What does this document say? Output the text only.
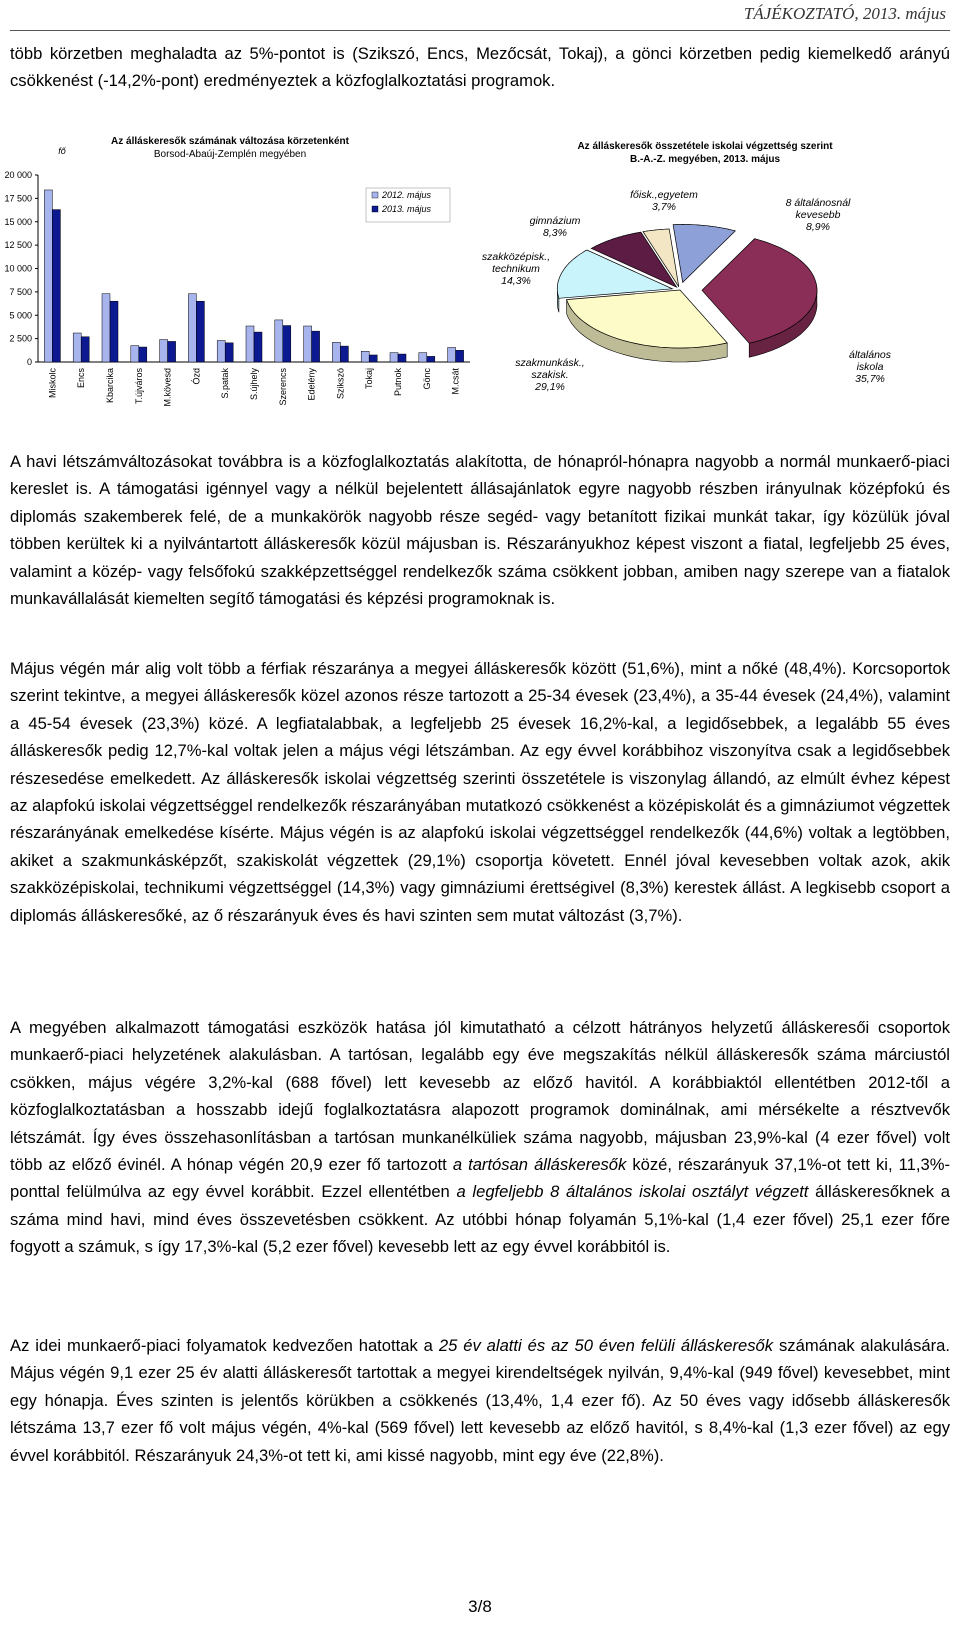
TÁJÉKOZTATÓ, 2013. május

több körzetben meghaladta az 5%-pontot is (Szikszó, Encs, Mezőcsát, Tokaj), a gönci körzetben pedig kiemelkedő arányú csökkenést (-14,2%-pont) eredményeztek a közfoglalkoztatási programok.

Az álláskeresők számának változása körzetenként
Borsod-Abaúj-Zemplén megyében
0
2 500
5 000
7 500
10 000
12 500
15 000
17 500
20 000
fő
Miskolc Encs Kbarcika T.újváros M.kövesd Ózd S.patak S.újhely Szerencs Edelény Szikszó Tokaj Putnok Gönc M.csát
2012. május
2013. május
Az álláskeresők összetétele iskolai végzettség szerint
B.-A.-Z. megyében, 2013. május
8 általánosnál
kevesebb
8,9%
általános
iskola
35,7%
szakmunkásk.,
szakisk.
29,1%
szakközépisk.,
technikum
14,3%
gimnázium
8,3%
főisk.,egyetem
3,7%

A havi létszámváltozásokat továbbra is a közfoglalkoztatás alakította, de hónapról-hónapra nagyobb a normál munkaerő-piaci kereslet is. A támogatási igénnyel vagy a nélkül bejelentett állásajánlatok egyre nagyobb részben irányulnak középfokú és diplomás szakemberek felé, de a munkakörök nagyobb része segéd- vagy betanított fizikai munkát takar, így közülük jóval többen kerültek ki a nyilvántartott álláskeresők közül májusban is. Részarányukhoz képest viszont a fiatal, legfeljebb 25 éves, valamint a közép- vagy felsőfokú szakképzettséggel rendelkezők száma csökkent jobban, amiben nagy szerepe van a fiatalok munkavállalását kiemelten segítő támogatási és képzési programoknak is.

Május végén már alig volt több a férfiak részaránya a megyei álláskeresők között (51,6%), mint a nőké (48,4%). Korcsoportok szerint tekintve, a megyei álláskeresők közel azonos része tartozott a 25-34 évesek (23,4%), a 35-44 évesek (24,4%), valamint a 45-54 évesek (23,3%) közé. A legfiatalabbak, a legfeljebb 25 évesek 16,2%-kal, a legidősebbek, a legalább 55 éves álláskeresők pedig 12,7%-kal voltak jelen a május végi létszámban. Az egy évvel korábbihoz viszonyítva csak a legidősebbek részesedése emelkedett. Az álláskeresők iskolai végzettség szerinti összetétele is viszonylag állandó, az elmúlt évhez képest az alapfokú iskolai végzettséggel rendelkezők részarányában mutatkozó csökkenést a középiskolát és a gimnáziumot végzettek részarányának emelkedése kísérte. Május végén is az alapfokú iskolai végzettséggel rendelkezők (44,6%) voltak a legtöbben, akiket a szakmunkásképzőt, szakiskolát végzettek (29,1%) csoportja követett. Ennél jóval kevesebben voltak azok, akik szakközépiskolai, technikumi végzettséggel (14,3%) vagy gimnáziumi érettségivel (8,3%) kerestek állást. A legkisebb csoport a diplomás álláskeresőké, az ő részarányuk éves és havi szinten sem mutat változást (3,7%).

A megyében alkalmazott támogatási eszközök hatása jól kimutatható a célzott hátrányos helyzetű álláskeresői csoportok munkaerő-piaci helyzetének alakulásban. A tartósan, legalább egy éve megszakítás nélkül álláskeresők száma márciustól csökken, május végére 3,2%-kal (688 fővel) lett kevesebb az előző havitól. A korábbiaktól ellentétben 2012-től a közfoglalkoztatásban a hosszabb idejű foglalkoztatásra alapozott programok dominálnak, ami mérsékelte a résztvevők létszámát. Így éves összehasonlításban a tartósan munkanélküliek száma nagyobb, májusban 23,9%-kal (4 ezer fővel) volt több az előző évinél. A hónap végén 20,9 ezer fő tartozott a tartósan álláskeresők közé, részarányuk 37,1%-ot tett ki, 11,3%-ponttal felülmúlva az egy évvel korábbit. Ezzel ellentétben a legfeljebb 8 általános iskolai osztályt végzett álláskeresőknek a száma mind havi, mind éves összevetésben csökkent. Az utóbbi hónap folyamán 5,1%-kal (1,4 ezer fővel) 25,1 ezer főre fogyott a számuk, s így 17,3%-kal (5,2 ezer fővel) kevesebb lett az egy évvel korábbitól is.

Az idei munkaerő-piaci folyamatok kedvezően hatottak a 25 év alatti és az 50 éven felüli álláskeresők számának alakulására. Május végén 9,1 ezer 25 év alatti álláskeresőt tartottak a megyei kirendeltségek nyilván, 9,4%-kal (949 fővel) kevesebbet, mint egy hónapja. Éves szinten is jelentős körükben a csökkenés (13,4%, 1,4 ezer fő). Az 50 éves vagy idősebb álláskeresők létszáma 13,7 ezer fő volt május végén, 4%-kal (569 fővel) lett kevesebb az előző havitól, s 8,4%-kal (1,3 ezer fővel) az egy évvel korábbitól. Részarányuk 24,3%-ot tett ki, ami kissé nagyobb, mint egy éve (22,8%).

3/8
